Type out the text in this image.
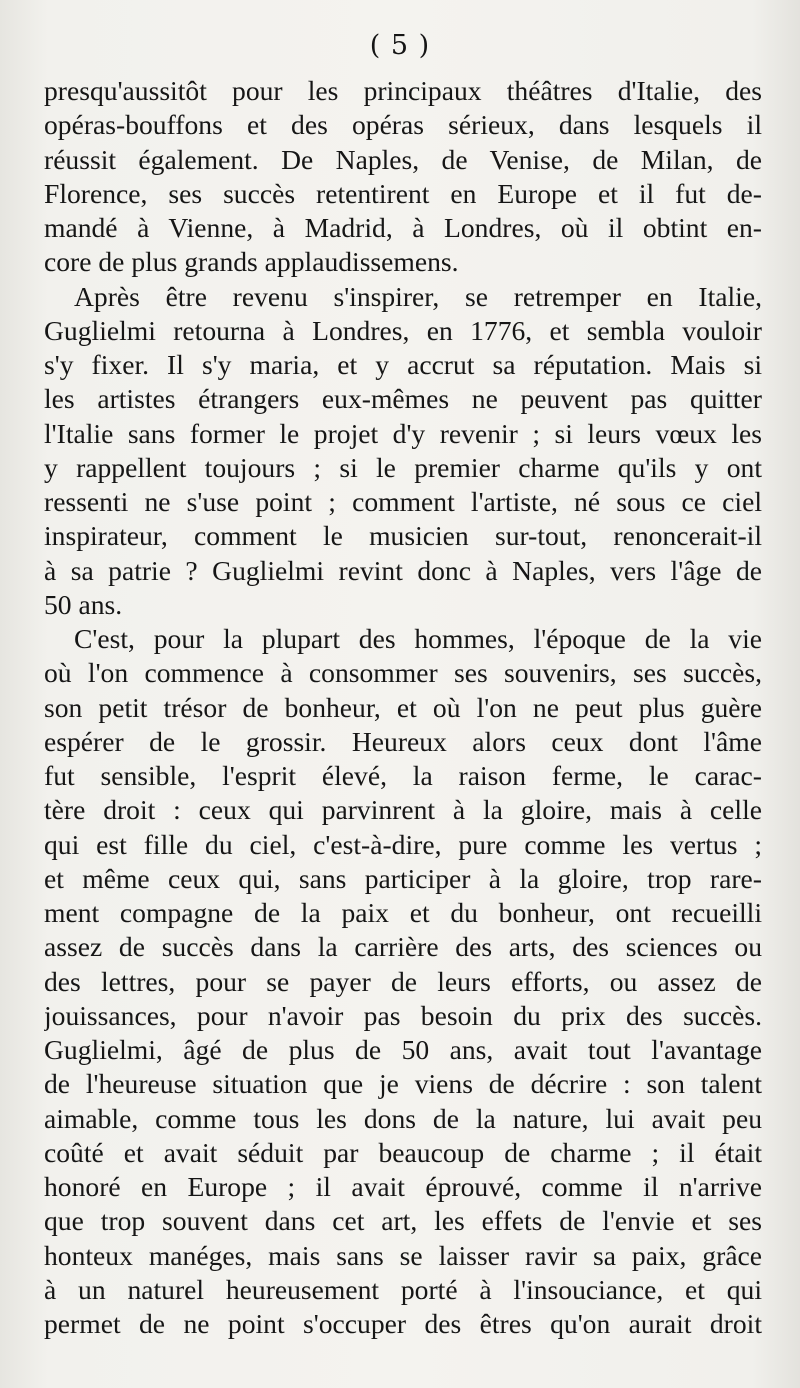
( 5 )
presqu'aussitôt pour les principaux théâtres d'Italie, des
opéras-bouffons et des opéras sérieux, dans lesquels il
réussit également. De Naples, de Venise, de Milan, de
Florence, ses succès retentirent en Europe et il fut de-
mandé à Vienne, à Madrid, à Londres, où il obtint en-
core de plus grands applaudissemens.
Après être revenu s'inspirer, se retremper en Italie,
Guglielmi retourna à Londres, en 1776, et sembla vouloir
s'y fixer. Il s'y maria, et y accrut sa réputation. Mais si
les artistes étrangers eux-mêmes ne peuvent pas quitter
l'Italie sans former le projet d'y revenir ; si leurs vœux les
y rappellent toujours ; si le premier charme qu'ils y ont
ressenti ne s'use point ; comment l'artiste, né sous ce ciel
inspirateur, comment le musicien sur-tout, renoncerait-il
à sa patrie ? Guglielmi revint donc à Naples, vers l'âge de
50 ans.
C'est, pour la plupart des hommes, l'époque de la vie
où l'on commence à consommer ses souvenirs, ses succès,
son petit trésor de bonheur, et où l'on ne peut plus guère
espérer de le grossir. Heureux alors ceux dont l'âme
fut sensible, l'esprit élevé, la raison ferme, le carac-
tère droit : ceux qui parvinrent à la gloire, mais à celle
qui est fille du ciel, c'est-à-dire, pure comme les vertus ;
et même ceux qui, sans participer à la gloire, trop rare-
ment compagne de la paix et du bonheur, ont recueilli
assez de succès dans la carrière des arts, des sciences ou
des lettres, pour se payer de leurs efforts, ou assez de
jouissances, pour n'avoir pas besoin du prix des succès.
Guglielmi, âgé de plus de 50 ans, avait tout l'avantage
de l'heureuse situation que je viens de décrire : son talent
aimable, comme tous les dons de la nature, lui avait peu
coûté et avait séduit par beaucoup de charme ; il était
honoré en Europe ; il avait éprouvé, comme il n'arrive
que trop souvent dans cet art, les effets de l'envie et ses
honteux manéges, mais sans se laisser ravir sa paix, grâce
à un naturel heureusement porté à l'insouciance, et qui
permet de ne point s'occuper des êtres qu'on aurait droit
